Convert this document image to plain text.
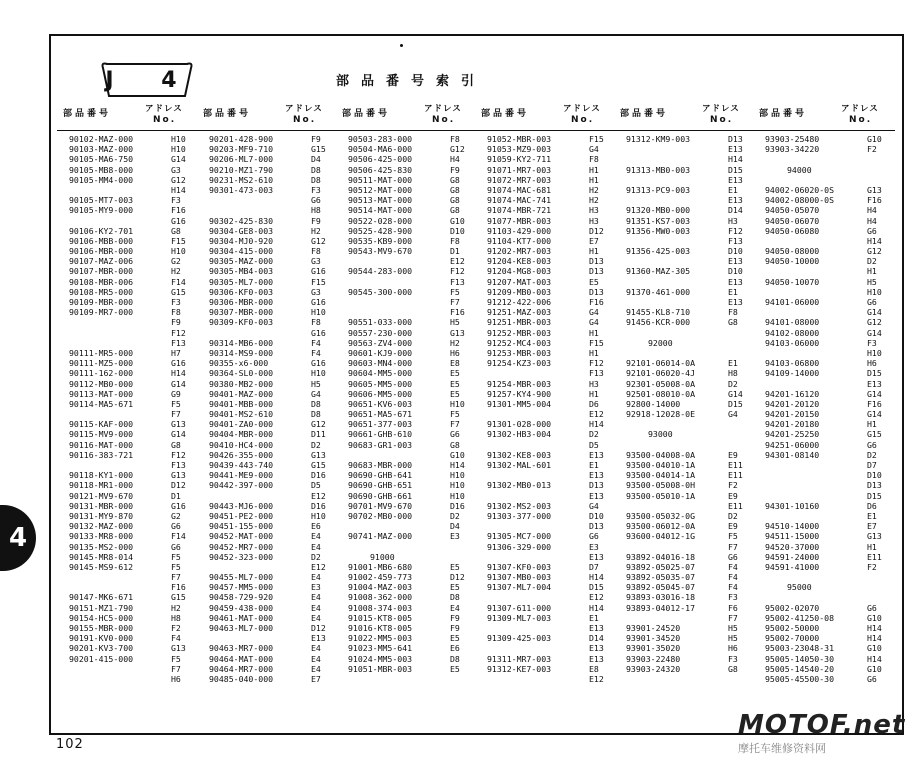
J 4	部品番号索引
部品番号	アドレス
No.
90102-MAZ-000	H10
90103-MAZ-000	H10
90105-MA6-750	G14
90105-MB8-000	G3
90105-MM4-000	G12
H14
90105-MT7-003	F3
90105-MY9-000	F16
G16
90106-KY2-701	G8
90106-MBB-000	F15
90106-MBR-000	H10
90107-MAZ-006	G2
90107-MBR-000	H2
90108-MBR-006	F14
90108-MR5-000	G15
90109-MBR-000	F3
90109-MR7-000	F8
F9
F12
F13
90111-MR5-000	H7
90111-MZ5-000	G16
90111-162-000	H14
90112-MB0-000	G14
90113-MAT-000	G9
90114-MA5-671	F5
F7
90115-KAF-000	G13
90115-MV9-000	G14
90116-MAT-000	G8
90116-383-721	F12
F13
90118-KY1-000	G13
90118-MR1-000	D12
90121-MV9-670	D1
90131-MBR-000	G16
90131-MY9-870	G2
90132-MAZ-000	G6
90133-MR8-000	F14
90135-MS2-000	G6
90145-MR8-014	F5
90145-MS9-612	F5
F7
F16
90147-MK6-671	G15
90151-MZ1-790	H2
90154-HC5-000	H8
90155-MBR-000	F2
90191-KV0-000	F4
90201-KV3-700	G13
90201-415-000	F5
F7
H6
部品番号	アドレス
No.
90201-428-900	F9
90203-MF9-710	G15
90206-ML7-000	D4
90210-MZ1-790	D8
90231-MS2-610	D8
90301-473-003	F3
G6
H8
90302-425-830	F9
90304-GE8-003	H2
90304-MJ0-920	G12
90304-415-000	F8
90305-MAZ-000	G3
90305-MB4-003	G16
90305-ML7-000	F15
90306-KF0-003	G3
90306-MBR-000	G16
90307-MBR-000	H10
90309-KF0-003	F8
G16
90314-MB6-000	F4
90314-MS9-000	F4
90355-x6-000	G16
90364-SL0-000	H10
90380-MB2-000	H5
90401-MAZ-000	G4
90401-MBB-000	D8
90401-MS2-610	D8
90401-ZA0-000	G12
90404-MBR-000	D11
90410-HC4-000	D2
90426-355-000	G13
90439-443-740	G15
90441-ME9-000	D16
90442-397-000	D5
E12
90443-MJ6-000	D16
90451-PE2-000	H10
90451-155-000	E6
90452-MAT-000	E4
90452-MR7-000	E4
90452-323-000	D2
E12
90455-ML7-000	E4
90457-MM5-000	E3
90458-729-920	E4
90459-438-000	E4
90461-MAT-000	E4
90463-ML7-000	D12
E13
90463-MR7-000	E4
90464-MAT-000	E4
90464-MR7-000	E4
90485-040-000	E7
部品番号	アドレス
No.
90503-283-000	F8
90504-MA6-000	G12
90506-425-000	H4
90506-425-830	F9
90511-MAT-000	G8
90512-MAT-000	G8
90513-MAT-000	G8
90514-MAT-000	G8
90522-028-000	G10
90525-428-900	D10
90535-KB9-000	F8
90543-MV9-670	D1
E12
90544-283-000	F12
F13
90545-300-000	F5
F7
F16
90551-033-000	H5
90557-230-000	G13
90563-ZV4-000	H2
90601-KJ9-000	H6
90603-MN4-000	E8
90604-MM5-000	E5
90605-MM5-000	E5
90606-MM5-000	E5
90651-KV6-003	H10
90651-MA5-671	F5
90651-377-003	F7
90661-GHB-610	G6
90683-GR1-003	G8
G10
90683-MBR-000	H14
90690-GHB-641	H10
90690-GHB-651	H10
90690-GHB-661	H10
90701-MV9-670	D16
90702-MB0-000	D2
D4
90741-MAZ-000	E3
91000
91001-MB6-680	E5
91002-459-773	D12
91004-MAZ-003	E5
91008-362-000	D8
91008-374-003	E4
91015-KT8-005	F9
91016-KT8-005	F9
91022-MM5-003	E5
91023-MM5-641	E6
91024-MM5-003	D8
91051-MBR-003	E5
部品番号	アドレス
No.
91052-MBR-003	F15
91053-MZ9-003	G4
91059-KY2-711	F8
91071-MR7-003	H1
91072-MR7-003	H1
91074-MAC-681	H2
91074-MAC-741	H2
91074-MBR-721	H3
91077-MBR-003	H3
91103-429-000	D12
91104-KT7-000	E7
91202-MR7-003	H1
91204-KE8-003	D13
91204-MG8-003	D13
91207-MAT-003	E5
91209-MB0-003	D13
91212-422-006	F16
91251-MAZ-003	G4
91251-MBR-003	G4
91252-MBR-003	H1
91252-MC4-003	F15
91253-MBR-003	H1
91254-KZ3-003	F12
F13
91254-MBR-003	H3
91257-KY4-900	H1
91301-MM5-004	D6
E12
91301-028-000	H14
91302-HB3-004	D2
D5
91302-KE8-003	E13
91302-MAL-601	E1
E13
91302-MB0-013	D13
E13
91302-MS2-003	G4
91303-377-000	D10
D13
91305-MC7-000	G6
91306-329-000	E3
E13
91307-KF0-003	D7
91307-MB0-003	H14
91307-ML7-004	D15
E12
91307-611-000	H14
91309-ML7-003	E1
E13
91309-425-003	D14
E13
91311-MR7-003	E13
91312-KE7-003	E8
E12
部品番号	アドレス
No.
91312-KM9-003	D13
E13
H14
91313-MB0-003	D15
E13
91313-PC9-003	E1
E13
91320-MB0-000	D14
91351-KS7-003	H3
91356-MW0-003	F12
F13
91356-425-003	D10
E13
91360-MAZ-305	D10
E13
91370-461-000	E1
E13
91455-KL8-710	F8
91456-KCR-000	G8
92000
92101-06014-0A	E1
92101-06020-4J	H8
92301-05008-0A	D2
92501-08010-0A	G14
92800-14000	D15
92918-12028-0E	G4
93000
93500-04008-0A	E9
93500-04010-1A	E11
93500-04014-1A	E11
93500-05008-0H	F2
93500-05010-1A	E9
E11
93500-05032-0G	D2
93500-06012-0A	E9
93600-04012-1G	F5
F7
93892-04016-18	G6
93892-05025-07	F4
93892-05035-07	F4
93892-05045-07	F4
93893-03016-18	F3
93893-04012-17	F6
F7
93901-24520	H5
93901-34520	H5
93901-35020	H6
93903-22480	F3
93903-24320	G8
部品番号	アドレス
No.
93903-25480	G10
93903-34220	F2
94000
94002-06020-0S	G13
94002-08000-0S	F16
94050-05070	H4
94050-06070	H4
94050-06080	G6
H14
94050-08000	G12
94050-10000	D2
H1
94050-10070	H5
H10
94101-06000	G6
G14
94101-08000	G12
94102-08000	G14
94103-06000	F3
H10
94103-06800	H6
94109-14000	D15
E13
94201-16120	G14
94201-20120	F16
94201-20150	G14
94201-20180	H1
94201-25250	G15
94251-06000	G6
94301-08140	D2
D7
D10
D13
D15
94301-10160	D6
E1
94510-14000	E7
94511-15000	G13
94520-37000	H1
94591-24000	E11
94591-41000	F2
95000
95002-02070	G6
95002-41250-08	G10
95002-50000	H14
95002-70000	H14
95003-23048-31	G10
95005-14050-30	H14
95005-14540-20	G10
95005-45500-30	G6
4
102
MOTOF.net
摩托车维修资料网
